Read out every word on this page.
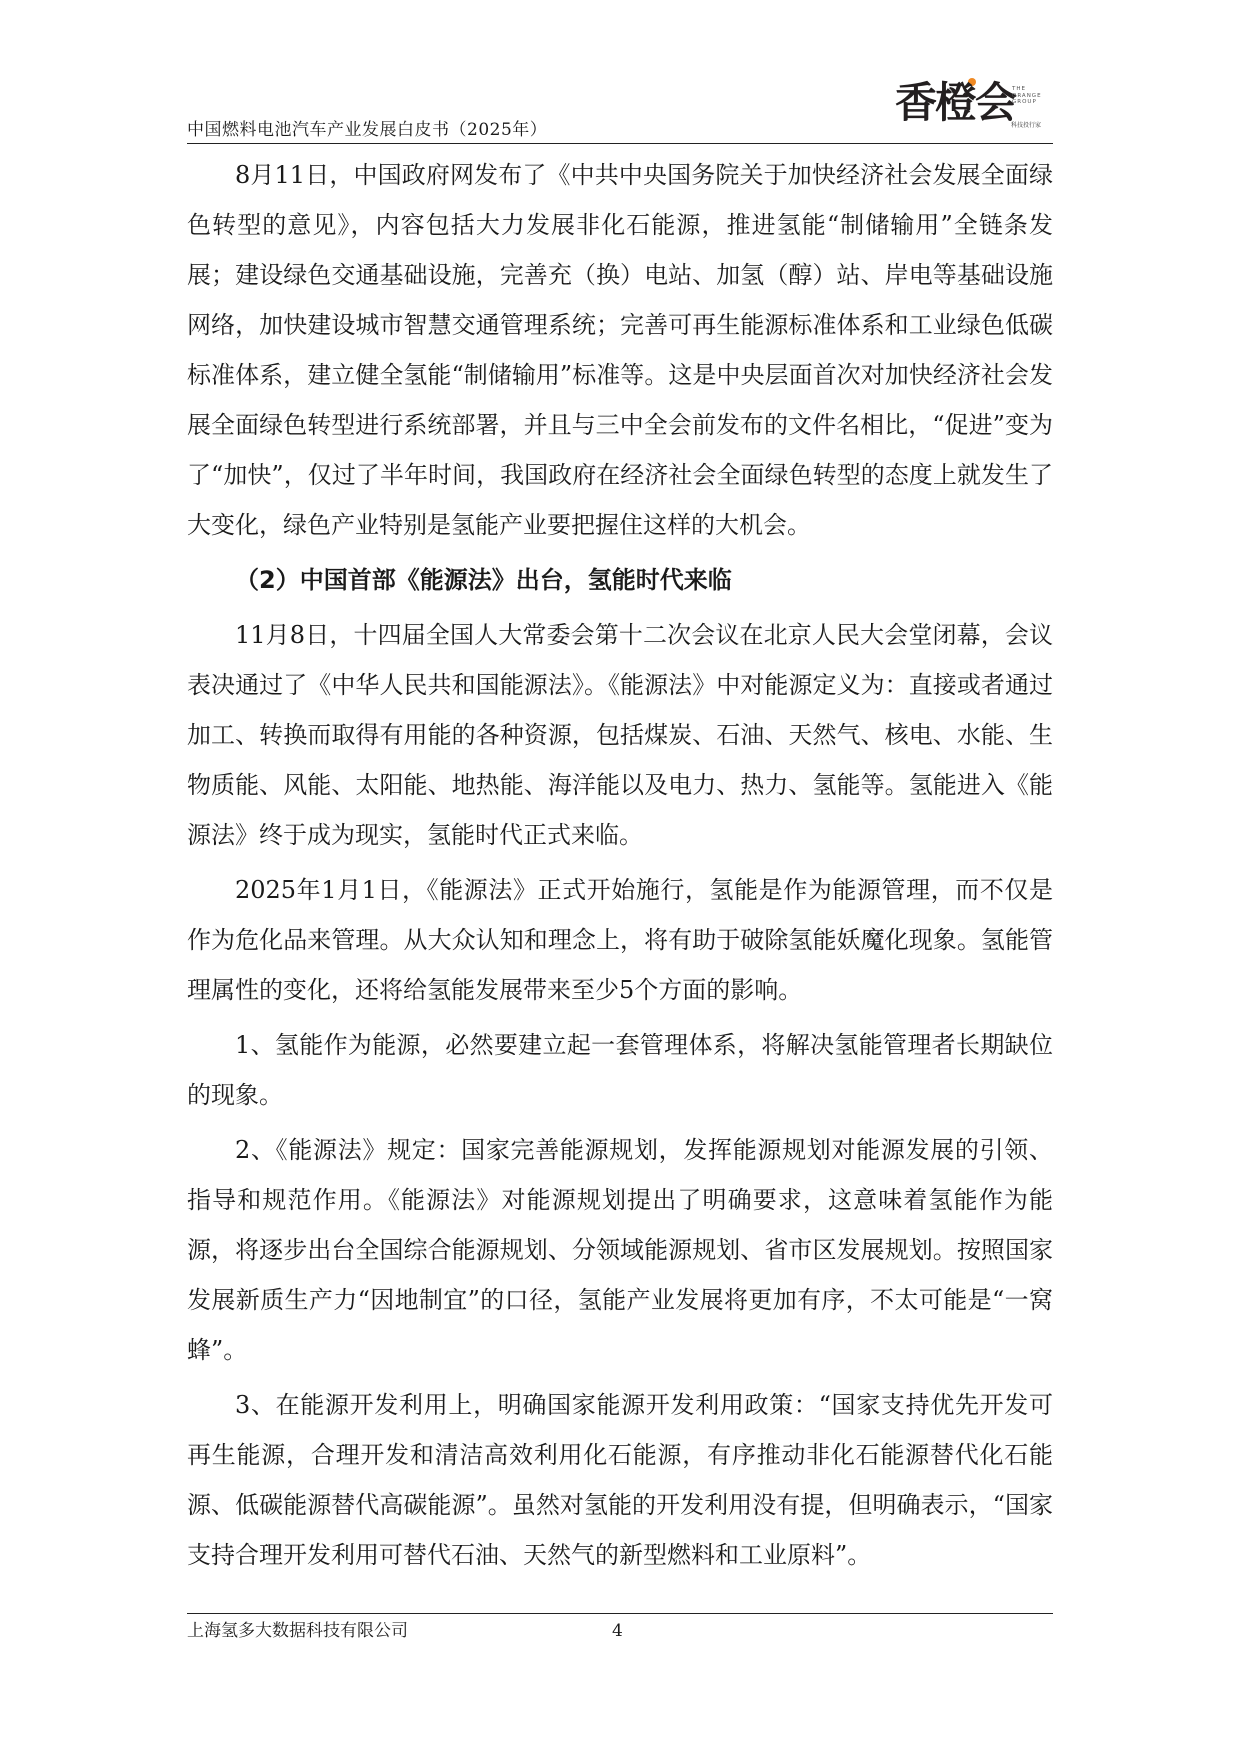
中国燃料电池汽车产业发展白皮书（2025年）
香橙会
THE ORANGE GROUP
科技投行家

8月11日，中国政府网发布了《中共中央国务院关于加快经济社会发展全面绿色转型的意见》，内容包括大力发展非化石能源，推进氢能“制储输用”全链条发展；建设绿色交通基础设施，完善充（换）电站、加氢（醇）站、岸电等基础设施网络，加快建设城市智慧交通管理系统；完善可再生能源标准体系和工业绿色低碳标准体系，建立健全氢能“制储输用”标准等。这是中央层面首次对加快经济社会发展全面绿色转型进行系统部署，并且与三中全会前发布的文件名相比，“促进”变为了“加快”，仅过了半年时间，我国政府在经济社会全面绿色转型的态度上就发生了大变化，绿色产业特别是氢能产业要把握住这样的大机会。

（2）中国首部《能源法》出台，氢能时代来临

11月8日，十四届全国人大常委会第十二次会议在北京人民大会堂闭幕，会议表决通过了《中华人民共和国能源法》。《能源法》中对能源定义为：直接或者通过加工、转换而取得有用能的各种资源，包括煤炭、石油、天然气、核电、水能、生物质能、风能、太阳能、地热能、海洋能以及电力、热力、氢能等。氢能进入《能源法》终于成为现实，氢能时代正式来临。

2025年1月1日，《能源法》正式开始施行，氢能是作为能源管理，而不仅是作为危化品来管理。从大众认知和理念上，将有助于破除氢能妖魔化现象。氢能管理属性的变化，还将给氢能发展带来至少5个方面的影响。

1、氢能作为能源，必然要建立起一套管理体系，将解决氢能管理者长期缺位的现象。

2、《能源法》规定：国家完善能源规划，发挥能源规划对能源发展的引领、指导和规范作用。《能源法》对能源规划提出了明确要求，这意味着氢能作为能源，将逐步出台全国综合能源规划、分领域能源规划、省市区发展规划。按照国家发展新质生产力“因地制宜”的口径，氢能产业发展将更加有序，不太可能是“一窝蜂”。

3、在能源开发利用上，明确国家能源开发利用政策：“国家支持优先开发可再生能源，合理开发和清洁高效利用化石能源，有序推动非化石能源替代化石能源、低碳能源替代高碳能源”。虽然对氢能的开发利用没有提，但明确表示，“国家支持合理开发利用可替代石油、天然气的新型燃料和工业原料”。

上海氢多大数据科技有限公司	4
